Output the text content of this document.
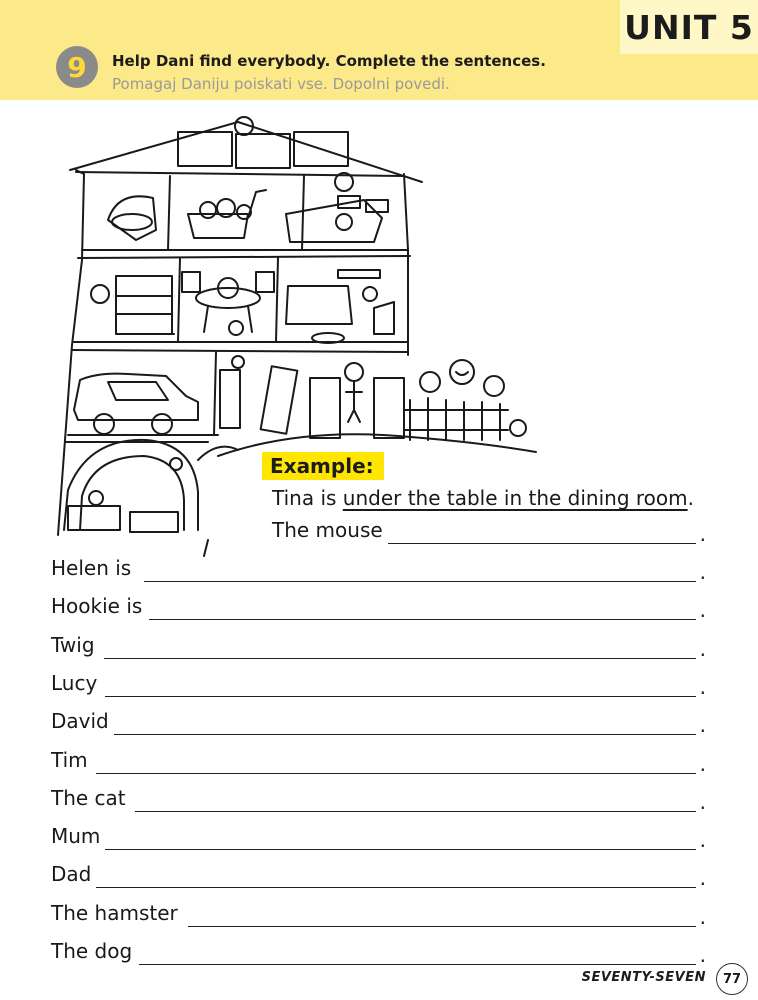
UNIT 5
9	Help Dani find everybody. Complete the sentences.
Pomagaj Daniju poiskati vse. Dopolni povedi.
Example:
Tina is under the table in the dining room.
The mouse	.
Helen is	.
Hookie is	.
Twig	.
Lucy	.
David	.
Tim	.
The cat	.
Mum	.
Dad	.
The hamster	.
The dog	.
SEVENTY-SEVEN	77
